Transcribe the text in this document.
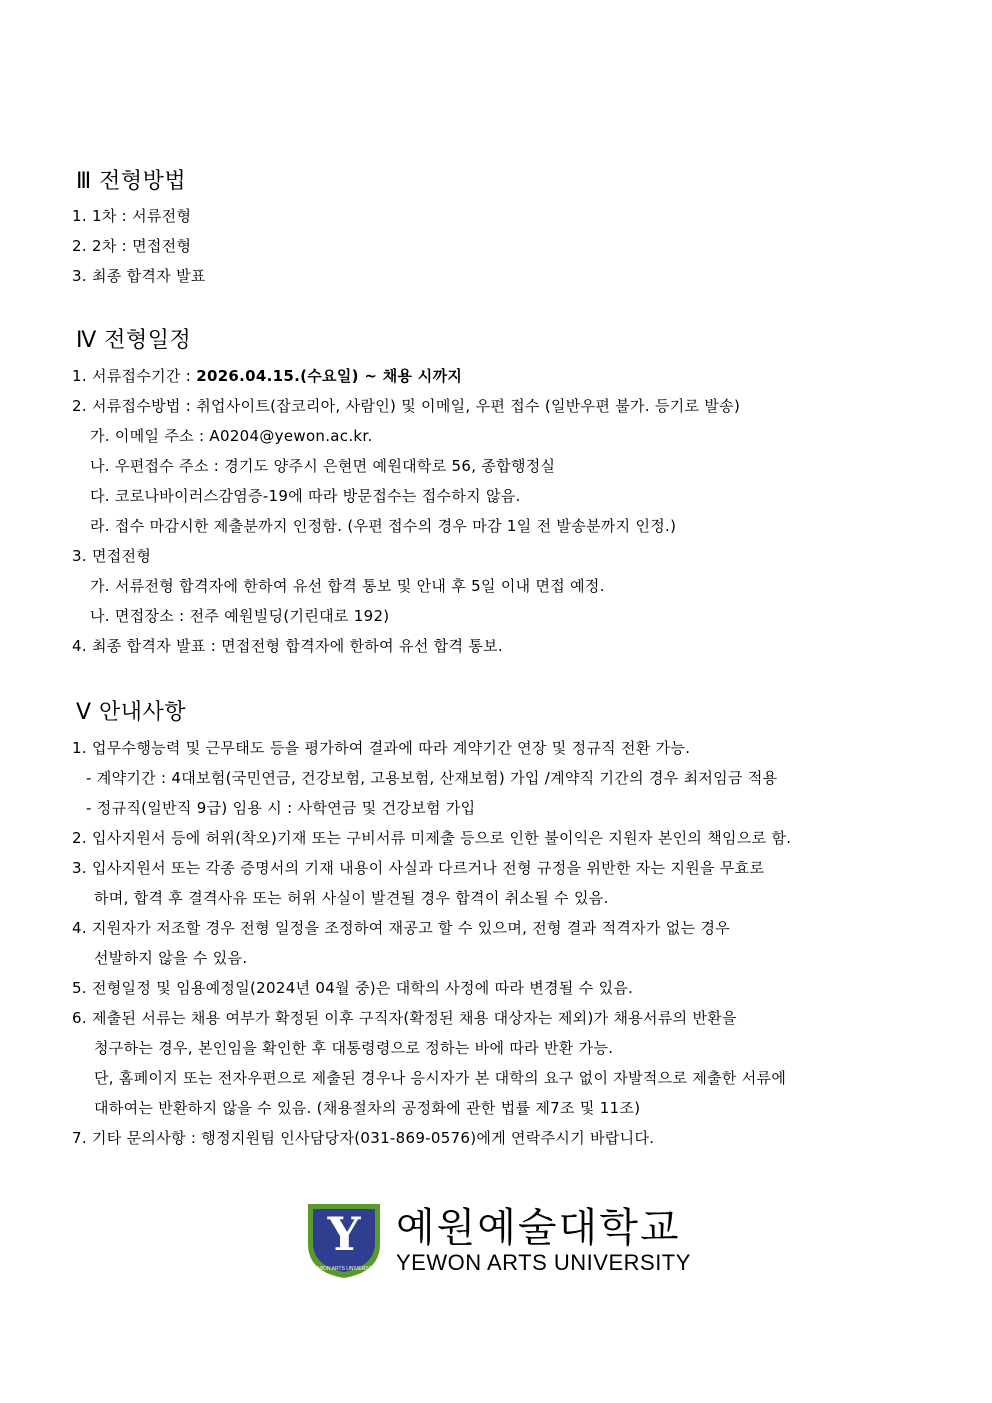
Ⅲ 전형방법
1. 1차 : 서류전형
2. 2차 : 면접전형
3. 최종 합격자 발표
Ⅳ 전형일정
1. 서류접수기간 : 2026.04.15.(수요일) ~ 채용 시까지
2. 서류접수방법 : 취업사이트(잡코리아, 사람인) 및 이메일, 우편 접수 (일반우편 불가. 등기로 발송)
가. 이메일 주소 : A0204@yewon.ac.kr.
나. 우편접수 주소 : 경기도 양주시 은현면 예원대학로 56, 종합행정실
다. 코로나바이러스감염증-19에 따라 방문접수는 접수하지 않음.
라. 접수 마감시한 제출분까지 인정함. (우편 접수의 경우 마감 1일 전 발송분까지 인정.)
3. 면접전형
가. 서류전형 합격자에 한하여 유선 합격 통보 및 안내 후 5일 이내 면접 예정.
나. 면접장소 : 전주 예원빌딩(기린대로 192)
4. 최종 합격자 발표 : 면접전형 합격자에 한하여 유선 합격 통보.
Ⅴ 안내사항
1. 업무수행능력 및 근무태도 등을 평가하여 결과에 따라 계약기간 연장 및 정규직 전환 가능.
- 계약기간 : 4대보험(국민연금, 건강보험, 고용보험, 산재보험) 가입 /계약직 기간의 경우 최저임금 적용
- 정규직(일반직 9급) 임용 시 : 사학연금 및 건강보험 가입
2. 입사지원서 등에 허위(착오)기재 또는 구비서류 미제출 등으로 인한 불이익은 지원자 본인의 책임으로 함.
3. 입사지원서 또는 각종 증명서의 기재 내용이 사실과 다르거나 전형 규정을 위반한 자는 지원을 무효로
하며, 합격 후 결격사유 또는 허위 사실이 발견될 경우 합격이 취소될 수 있음.
4. 지원자가 저조할 경우 전형 일정을 조정하여 재공고 할 수 있으며, 전형 결과 적격자가 없는 경우
선발하지 않을 수 있음.
5. 전형일정 및 임용예정일(2024년 04월 중)은 대학의 사정에 따라 변경될 수 있음.
6. 제출된 서류는 채용 여부가 확정된 이후 구직자(확정된 채용 대상자는 제외)가 채용서류의 반환을
청구하는 경우, 본인임을 확인한 후 대통령령으로 정하는 바에 따라 반환 가능.
단, 홈페이지 또는 전자우편으로 제출된 경우나 응시자가 본 대학의 요구 없이 자발적으로 제출한 서류에
대하여는 반환하지 않을 수 있음. (채용절차의 공정화에 관한 법률 제7조 및 11조)
7. 기타 문의사항 : 행정지원팀 인사담당자(031-869-0576)에게 연락주시기 바랍니다.
Y
YEWON ARTS UNIVERSITY
예원예술대학교
YEWON ARTS UNIVERSITY
